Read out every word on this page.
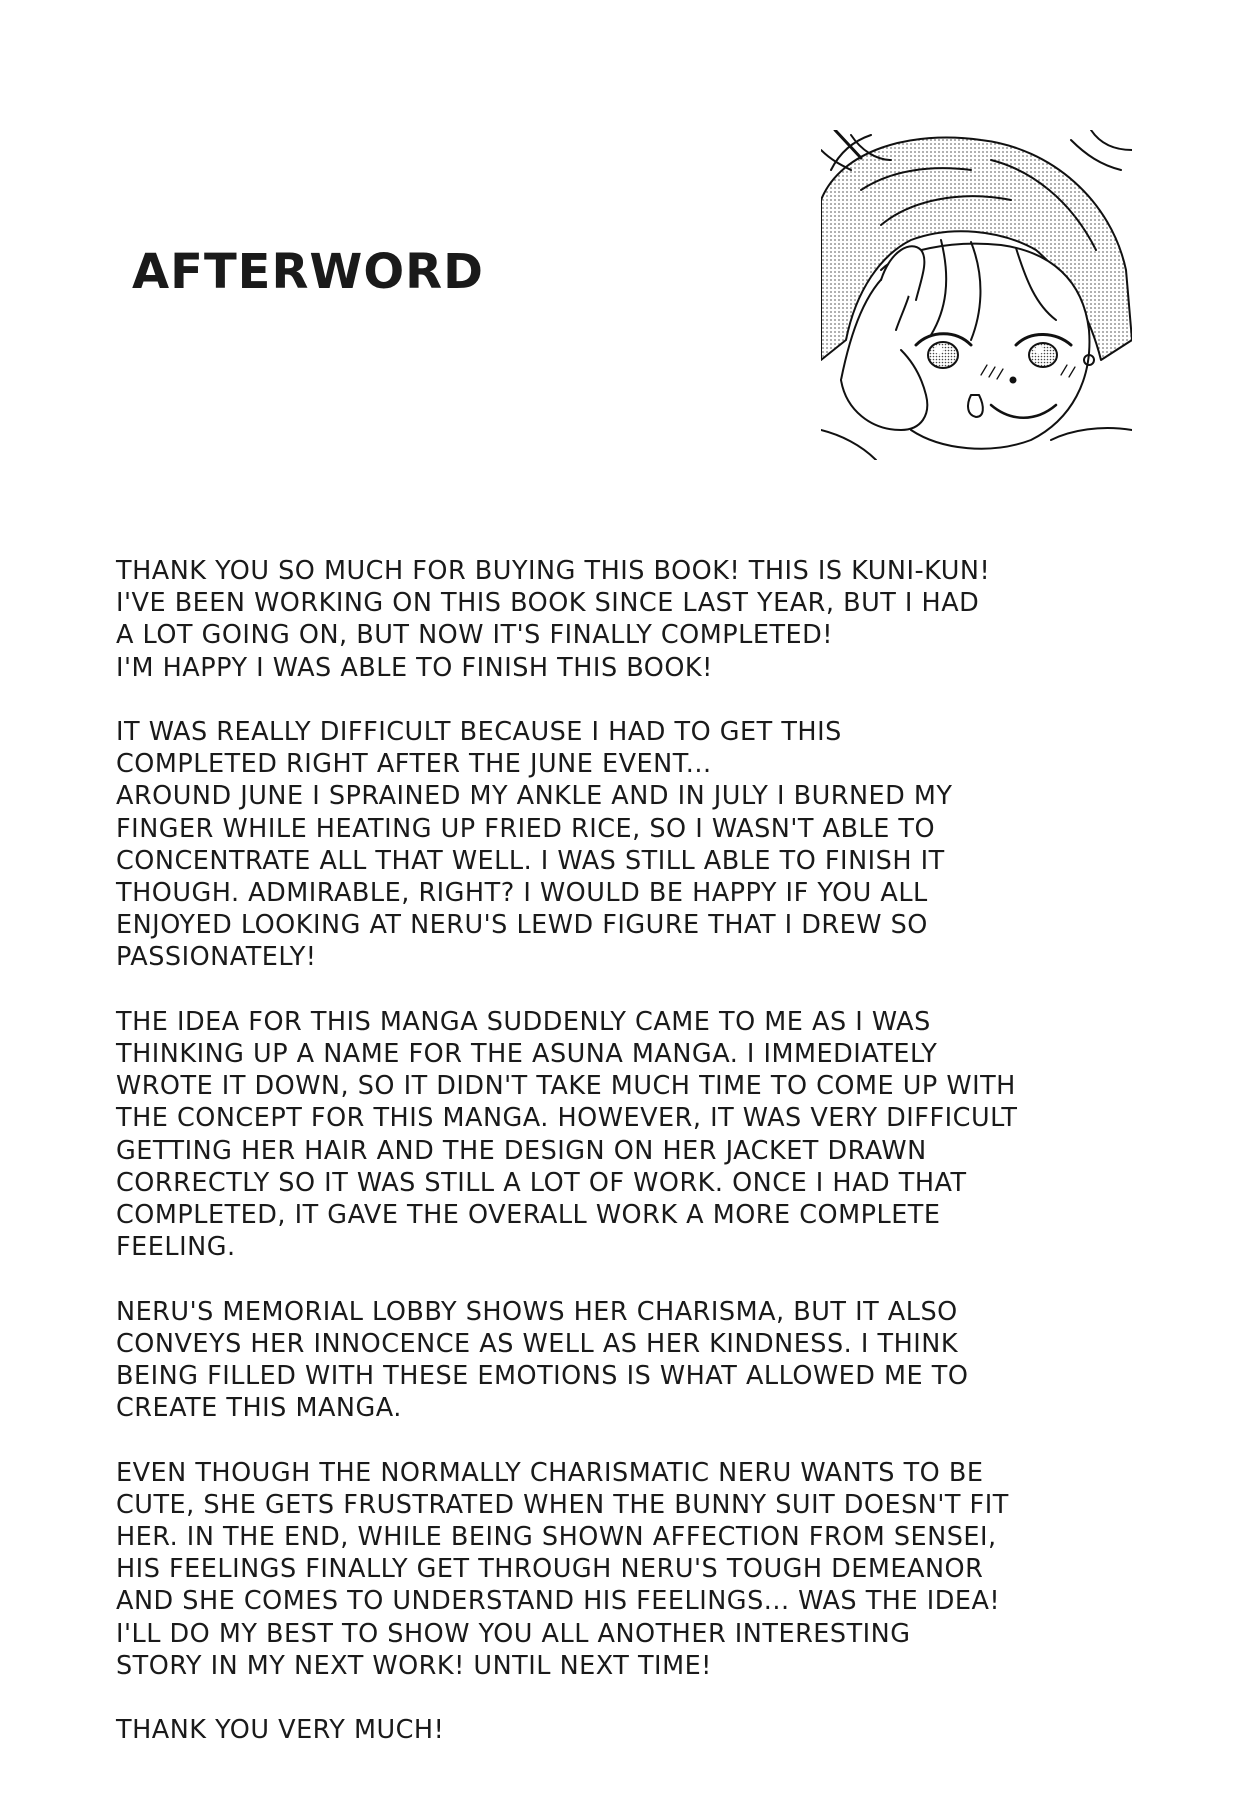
AFTERWORD

THANK YOU SO MUCH FOR BUYING THIS BOOK! THIS IS KUNI-KUN!
I'VE BEEN WORKING ON THIS BOOK SINCE LAST YEAR, BUT I HAD
A LOT GOING ON, BUT NOW IT'S FINALLY COMPLETED!
I'M HAPPY I WAS ABLE TO FINISH THIS BOOK!

IT WAS REALLY DIFFICULT BECAUSE I HAD TO GET THIS
COMPLETED RIGHT AFTER THE JUNE EVENT...
AROUND JUNE I SPRAINED MY ANKLE AND IN JULY I BURNED MY
FINGER WHILE HEATING UP FRIED RICE, SO I WASN'T ABLE TO
CONCENTRATE ALL THAT WELL. I WAS STILL ABLE TO FINISH IT
THOUGH. ADMIRABLE, RIGHT? I WOULD BE HAPPY IF YOU ALL
ENJOYED LOOKING AT NERU'S LEWD FIGURE THAT I DREW SO
PASSIONATELY!

THE IDEA FOR THIS MANGA SUDDENLY CAME TO ME AS I WAS
THINKING UP A NAME FOR THE ASUNA MANGA. I IMMEDIATELY
WROTE IT DOWN, SO IT DIDN'T TAKE MUCH TIME TO COME UP WITH
THE CONCEPT FOR THIS MANGA. HOWEVER, IT WAS VERY DIFFICULT
GETTING HER HAIR AND THE DESIGN ON HER JACKET DRAWN
CORRECTLY SO IT WAS STILL A LOT OF WORK. ONCE I HAD THAT
COMPLETED, IT GAVE THE OVERALL WORK A MORE COMPLETE
FEELING.

NERU'S MEMORIAL LOBBY SHOWS HER CHARISMA, BUT IT ALSO
CONVEYS HER INNOCENCE AS WELL AS HER KINDNESS. I THINK
BEING FILLED WITH THESE EMOTIONS IS WHAT ALLOWED ME TO
CREATE THIS MANGA.

EVEN THOUGH THE NORMALLY CHARISMATIC NERU WANTS TO BE
CUTE, SHE GETS FRUSTRATED WHEN THE BUNNY SUIT DOESN'T FIT
HER. IN THE END, WHILE BEING SHOWN AFFECTION FROM SENSEI,
HIS FEELINGS FINALLY GET THROUGH NERU'S TOUGH DEMEANOR
AND SHE COMES TO UNDERSTAND HIS FEELINGS... WAS THE IDEA!
I'LL DO MY BEST TO SHOW YOU ALL ANOTHER INTERESTING
STORY IN MY NEXT WORK! UNTIL NEXT TIME!

THANK YOU VERY MUCH!
